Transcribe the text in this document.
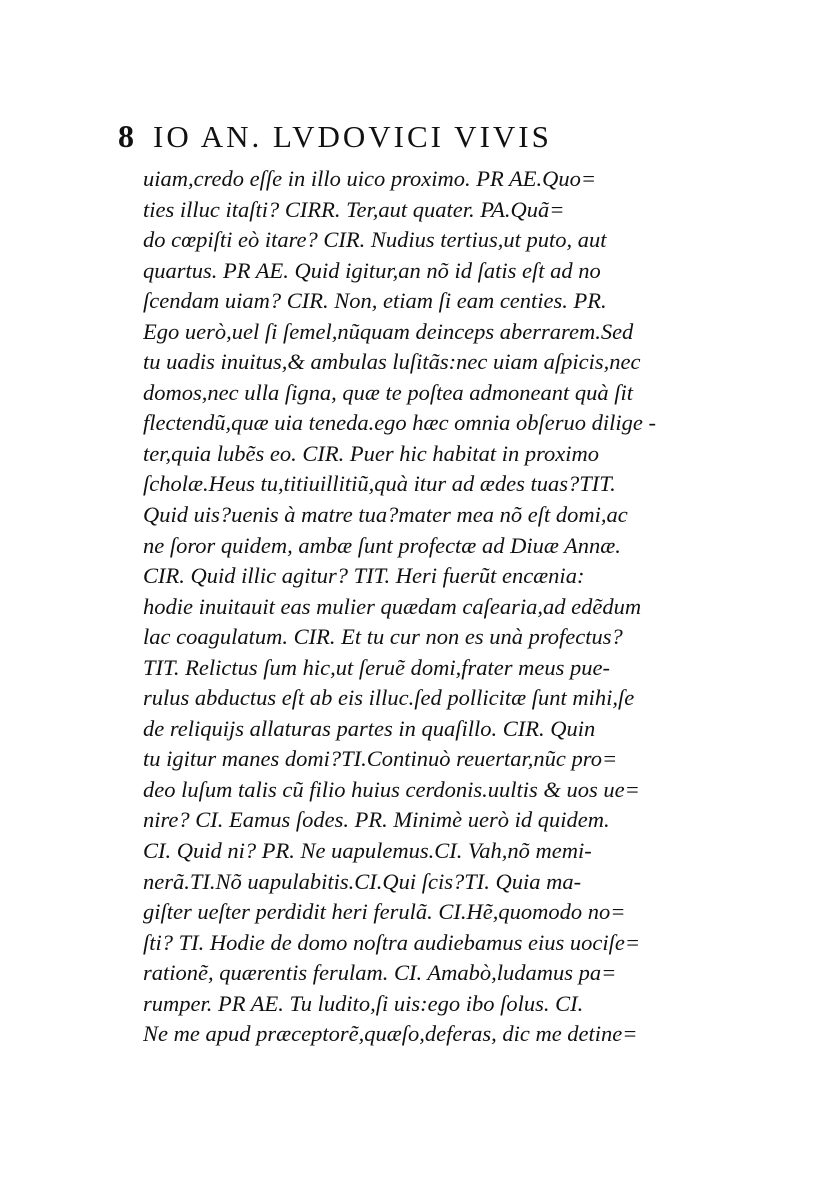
8 IO AN. LVDOVICI VIVIS
uiam,credo eſſe in illo uico proximo. PR AE.Quo=
ties illuc itaſti? CIRR. Ter,aut quater. PA.Quã=
do cœpiſti eò itare? CIR. Nudius tertius,ut puto, aut
quartus. PR AE. Quid igitur,an nõ id ſatis eſt ad no
ſcendam uiam? CIR. Non, etiam ſi eam centies. PR.
Ego uerò,uel ſi ſemel,nũquam deinceps aberrarem.Sed
tu uadis inuitus,& ambulas luſitãs:nec uiam aſpicis,nec
domos,nec ulla ſigna, quæ te poſtea admoneant quà ſit
flectendũ,quæ uia teneda.ego hæc omnia obſeruo dilige -
ter,quia lubẽs eo. CIR. Puer hic habitat in proximo
ſcholæ.Heus tu,titiuillitiũ,quà itur ad ædes tuas?TIT.
Quid uis?uenis à matre tua?mater mea nõ eſt domi,ac
ne ſoror quidem, ambæ ſunt profectæ ad Diuæ Annæ.
CIR. Quid illic agitur? TIT. Heri fuerũt encænia:
hodie inuitauit eas mulier quædam caſearia,ad edẽdum
lac coagulatum. CIR. Et tu cur non es unà profectus?
TIT. Relictus ſum hic,ut ſeruẽ domi,frater meus pue-
rulus abductus eſt ab eis illuc.ſed pollicitæ ſunt mihi,ſe
de reliquijs allaturas partes in quaſillo. CIR. Quin
tu igitur manes domi?TI.Continuò reuertar,nũc pro=
deo luſum talis cũ filio huius cerdonis.uultis & uos ue=
nire? CI. Eamus ſodes. PR. Minimè uerò id quidem.
CI. Quid ni? PR. Ne uapulemus.CI. Vah,nõ memi-
nerã.TI.Nõ uapulabitis.CI.Qui ſcis?TI. Quia ma-
giſter ueſter perdidit heri ferulã. CI.Hẽ,quomodo no=
ſti? TI. Hodie de domo noſtra audiebamus eius uociſe=
rationẽ, quærentis ferulam. CI. Amabò,ludamus pa=
rumper. PR AE. Tu ludito,ſi uis:ego ibo ſolus. CI.
Ne me apud præceptorẽ,quæſo,deferas, dic me detine=
